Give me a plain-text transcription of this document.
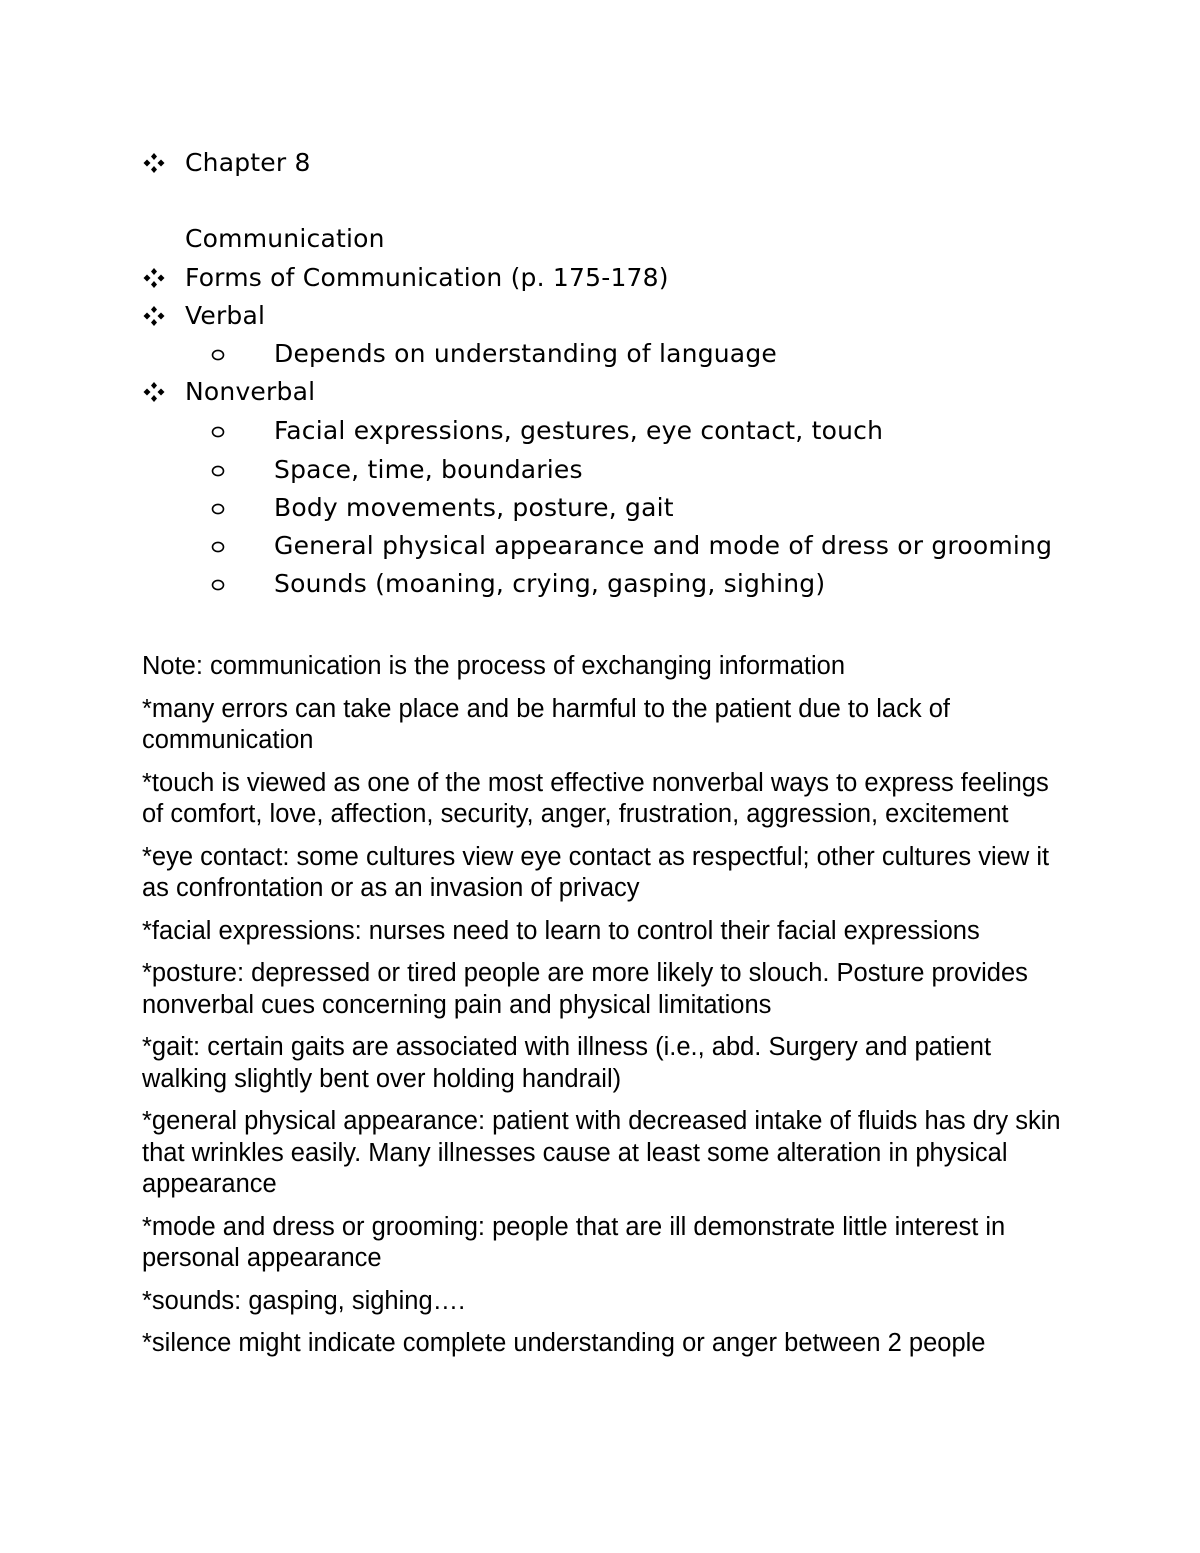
Chapter 8
Communication
Forms of Communication (p. 175-178)
Verbal
Depends on understanding of language
Nonverbal
Facial expressions, gestures, eye contact, touch
Space, time, boundaries
Body movements, posture, gait
General physical appearance and mode of dress or grooming
Sounds (moaning, crying, gasping, sighing)

Note: communication is the process of exchanging information

*many errors can take place and be harmful to the patient due to lack of communication

*touch is viewed as one of the most effective nonverbal ways to express feelings of comfort, love, affection, security, anger, frustration, aggression, excitement

*eye contact: some cultures view eye contact as respectful; other cultures view it as confrontation or as an invasion of privacy

*facial expressions: nurses need to learn to control their facial expressions

*posture: depressed or tired people are more likely to slouch. Posture provides nonverbal cues concerning pain and physical limitations

*gait: certain gaits are associated with illness (i.e., abd. Surgery and patient walking slightly bent over holding handrail)

*general physical appearance: patient with decreased intake of fluids has dry skin that wrinkles easily. Many illnesses cause at least some alteration in physical appearance

*mode and dress or grooming: people that are ill demonstrate little interest in personal appearance

*sounds: gasping, sighing….

*silence might indicate complete understanding or anger between 2 people
